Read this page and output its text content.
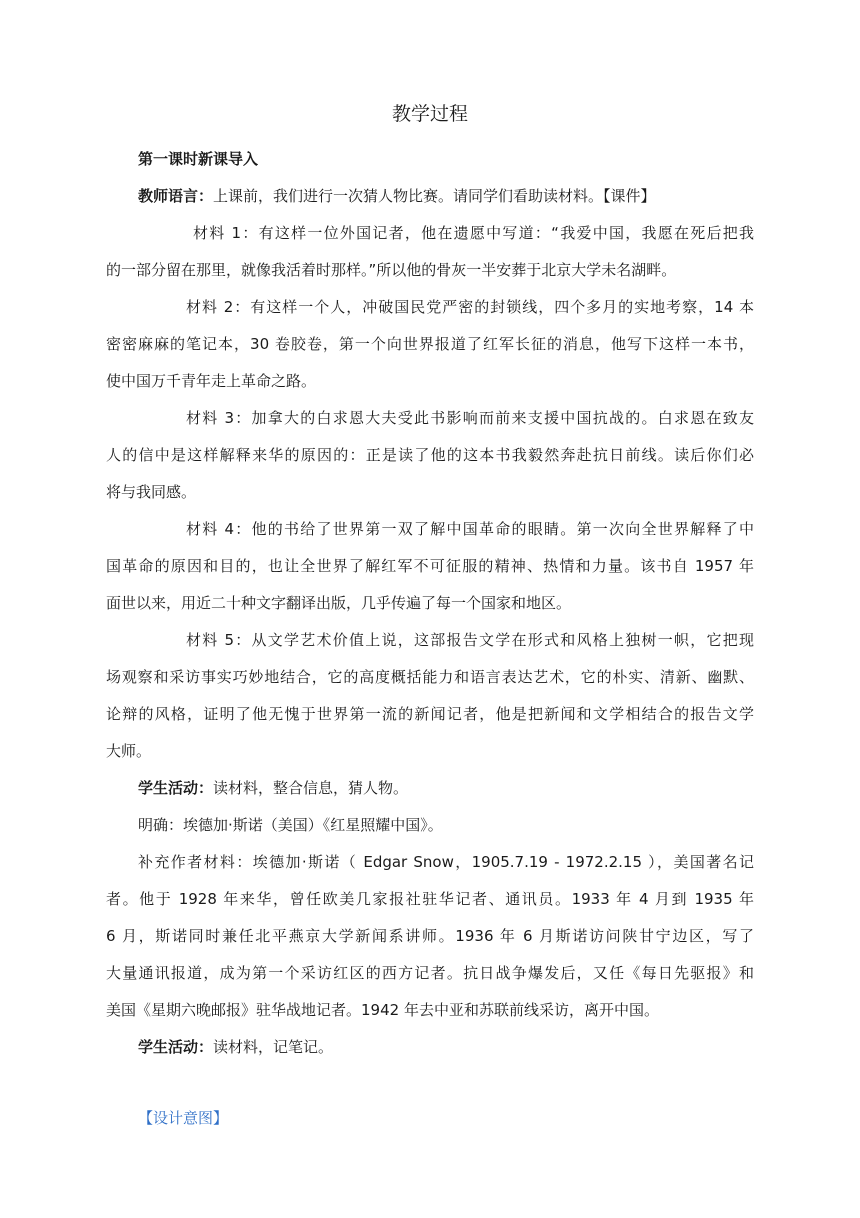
教学过程
第一课时新课导入
教师语言：上课前，我们进行一次猜人物比赛。请同学们看助读材料。【课件】
材料 1：有这样一位外国记者，他在遗愿中写道：“我爱中国，我愿在死后把我
的一部分留在那里，就像我活着时那样。”所以他的骨灰一半安葬于北京大学未名湖畔。
材料 2：有这样一个人，冲破国民党严密的封锁线，四个多月的实地考察，14 本
密密麻麻的笔记本，30 卷胶卷，第一个向世界报道了红军长征的消息，他写下这样一本书，
使中国万千青年走上革命之路。
材料 3：加拿大的白求恩大夫受此书影响而前来支援中国抗战的。白求恩在致友
人的信中是这样解释来华的原因的：正是读了他的这本书我毅然奔赴抗日前线。读后你们必
将与我同感。
材料 4：他的书给了世界第一双了解中国革命的眼睛。第一次向全世界解释了中
国革命的原因和目的，也让全世界了解红军不可征服的精神、热情和力量。该书自 1957 年
面世以来，用近二十种文字翻译出版，几乎传遍了每一个国家和地区。
材料 5：从文学艺术价值上说，这部报告文学在形式和风格上独树一帜，它把现
场观察和采访事实巧妙地结合，它的高度概括能力和语言表达艺术，它的朴实、清新、幽默、
论辩的风格，证明了他无愧于世界第一流的新闻记者，他是把新闻和文学相结合的报告文学
大师。
学生活动：读材料，整合信息，猜人物。
明确：埃德加·斯诺（美国）《红星照耀中国》。
补充作者材料：埃德加·斯诺（ Edgar Snow，1905.7.19 - 1972.2.15 ），美国著名记
者。他于 1928 年来华，曾任欧美几家报社驻华记者、通讯员。1933 年 4 月到 1935 年
6 月，斯诺同时兼任北平燕京大学新闻系讲师。1936 年 6 月斯诺访问陕甘宁边区，写了
大量通讯报道，成为第一个采访红区的西方记者。抗日战争爆发后，又任《每日先驱报》和
美国《星期六晚邮报》驻华战地记者。1942 年去中亚和苏联前线采访，离开中国。
学生活动：读材料，记笔记。
【设计意图】
